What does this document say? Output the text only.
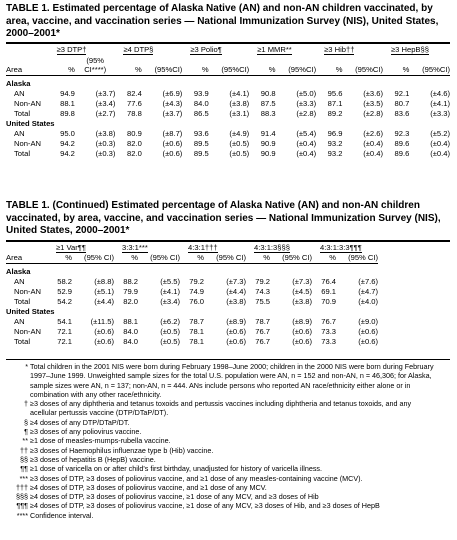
TABLE 1. Estimated percentage of Alaska Native (AN) and non-AN children vaccinated, by area, vaccine, and vaccination series — National Immunization Survey (NIS), United States, 2000–2001*
	≥3 DTP†		≥4 DTP§		≥3 Polio¶		≥1 MMR**		≥3 Hib††		≥3 HepB§§	
Area	%	(95% CI****)	%	(95%CI)	%	(95%CI)	%	(95%CI)	%	(95%CI)	%	(95%CI)

Alaska												
AN	94.9	(±3.7)	82.4	(±6.9)	93.9	(±4.1)	90.8	(±5.0)	95.6	(±3.6)	92.1	(±4.6)
Non-AN	88.1	(±3.4)	77.6	(±4.3)	84.0	(±3.8)	87.5	(±3.3)	87.1	(±3.5)	80.7	(±4.1)
Total	89.8	(±2.7)	78.8	(±3.7)	86.5	(±3.1)	88.3	(±2.8)	89.2	(±2.8)	83.6	(±3.3)
United States												
AN	95.0	(±3.8)	80.9	(±8.7)	93.6	(±4.9)	91.4	(±5.4)	96.9	(±2.6)	92.3	(±5.2)
Non-AN	94.2	(±0.3)	82.0	(±0.6)	89.5	(±0.5)	90.9	(±0.4)	93.2	(±0.4)	89.6	(±0.4)
Total	94.2	(±0.3)	82.0	(±0.6)	89.5	(±0.5)	90.9	(±0.4)	93.2	(±0.4)	89.6	(±0.4)
TABLE 1. (Continued) Estimated percentage of Alaska Native (AN) and non-AN children vaccinated, by area, vaccine, and vaccination series — National Immunization Survey (NIS), United States, 2000–2001*
	≥1 Var¶¶		3:3:1***		4:3:1†††		4:3:1:3§§§		4:3:1:3:3¶¶¶	
Area	%	(95% CI)	%	(95% CI)	%	(95% CI)	%	(95% CI)	%	(95% CI)

Alaska										
AN	58.2	(±8.8)	88.2	(±5.5)	79.2	(±7.3)	79.2	(±7.3)	76.4	(±7.6)
Non-AN	52.9	(±5.1)	79.9	(±4.1)	74.9	(±4.4)	74.3	(±4.5)	69.1	(±4.7)
Total	54.2	(±4.4)	82.0	(±3.4)	76.0	(±3.8)	75.5	(±3.8)	70.9	(±4.0)
United States										
AN	54.1	(±11.5)	88.1	(±6.2)	78.7	(±8.9)	78.7	(±8.9)	76.7	(±9.0)
Non-AN	72.1	(±0.6)	84.0	(±0.5)	78.1	(±0.6)	76.7	(±0.6)	73.3	(±0.6)
Total	72.1	(±0.6)	84.0	(±0.5)	78.1	(±0.6)	76.7	(±0.6)	73.3	(±0.6)
* Total children in the 2001 NIS were born during February 1998–June 2000; children in the 2000 NIS were born during February 1997–June 1999. Unweighted sample sizes for the total U.S. population were AN, n = 152 and non-AN, n = 46,306; for Alaska, sample sizes were AN, n = 137; non-AN, n = 444. ANs include persons who reported AN race/ethnicity either alone or in combination with any other race/ethnicity.
† ≥3 doses of any diphtheria and tetanus toxoids and pertussis vaccines including diphtheria and tetanus toxoids, and any acellular pertussis vaccine (DTP/DTaP/DT).
§ ≥4 doses of any DTP/DTaP/DT.
¶ ≥3 doses of any poliovirus vaccine.
** ≥1 dose of measles-mumps-rubella vaccine.
†† ≥3 doses of Haemophilus influenzae type b (Hib) vaccine.
§§ ≥3 doses of hepatitis B (HepB) vaccine.
¶¶ ≥1 dose of varicella on or after child's first birthday, unadjusted for history of varicella illness.
*** ≥3 doses of DTP, ≥3 doses of poliovirus vaccine, and ≥1 dose of any measles-containing vaccine (MCV).
††† ≥4 doses of DTP, ≥3 doses of poliovirus vaccine, and ≥1 dose of any MCV.
§§§ ≥4 doses of DTP, ≥3 doses of poliovirus vaccine, ≥1 dose of any MCV, and ≥3 doses of Hib
¶¶¶ ≥4 doses of DTP, ≥3 doses of poliovirus vaccine, ≥1 dose of any MCV, ≥3 doses of Hib, and ≥3 doses of HepB
**** Confidence interval.
